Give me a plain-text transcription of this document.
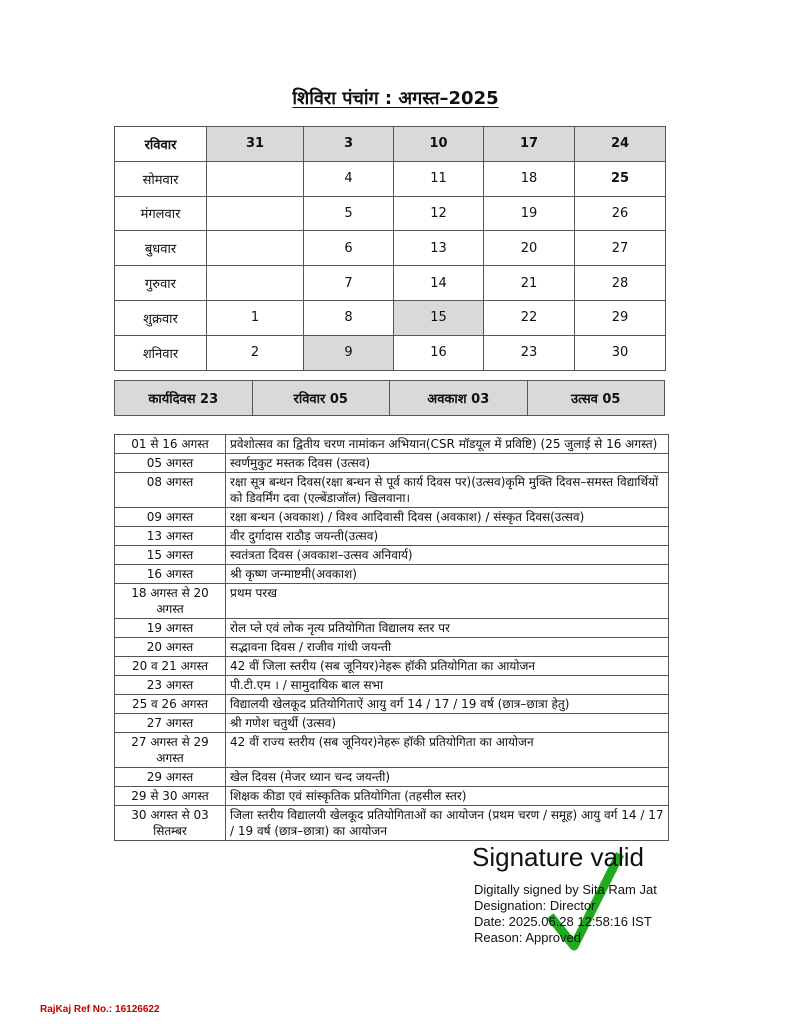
शिविरा पंचांग : अगस्त–2025
रविवार	31	3	10	17	24
सोमवार		4	11	18	25
मंगलवार		5	12	19	26
बुधवार		6	13	20	27
गुरुवार		7	14	21	28
शुक्रवार	1	8	15	22	29
शनिवार	2	9	16	23	30
कार्यदिवस 23	रविवार 05	अवकाश 03	उत्सव 05
01 से 16 अगस्त	प्रवेशोत्सव का द्वितीय चरण नामांकन अभियान(CSR मॉडयूल में प्रविष्टि) (25 जुलाई से 16 अगस्त)
05 अगस्त	स्वर्णमुकुट मस्तक दिवस (उत्सव)
08 अगस्त	रक्षा सूत्र बन्धन दिवस(रक्षा बन्धन से पूर्व कार्य दिवस पर)(उत्सव)कृमि मुक्ति दिवस–समस्त विद्यार्थियों को डिवर्मिंग दवा (एल्बेंडाजॉल) खिलवाना।
09 अगस्त	रक्षा बन्धन (अवकाश) / विश्व आदिवासी दिवस (अवकाश) / संस्कृत दिवस(उत्सव)
13 अगस्त	वीर दुर्गादास राठौड़ जयन्ती(उत्सव)
15 अगस्त	स्वतंत्रता दिवस (अवकाश–उत्सव अनिवार्य)
16 अगस्त	श्री कृष्ण जन्माष्टमी(अवकाश)
18 अगस्त से 20 अगस्त	प्रथम परख
19 अगस्त	रोल प्ले एवं लोक नृत्य प्रतियोगिता विद्यालय स्तर पर
20 अगस्त	सद्भावना दिवस / राजीव गांधी जयन्ती
20 व 21 अगस्त	42 वीं जिला स्तरीय (सब जूनियर)नेहरू हॉकी प्रतियोगिता का आयोजन
23 अगस्त	पी.टी.एम । / सामुदायिक बाल सभा
25 व 26 अगस्त	विद्यालयी खेलकूद प्रतियोगिताऐं आयु वर्ग 14 / 17 / 19 वर्ष (छात्र–छात्रा हेतु)
27 अगस्त	श्री गणेश चतुर्थी (उत्सव)
27 अगस्त से 29 अगस्त	42 वीं राज्य स्तरीय (सब जूनियर)नेहरू हॉकी प्रतियोगिता का आयोजन
29 अगस्त	खेल दिवस (मेजर ध्यान चन्द जयन्ती)
29 से 30 अगस्त	शिक्षक कीडा एवं सांस्कृतिक प्रतियोगिता (तहसील स्तर)
30 अगस्त से 03 सितम्बर	जिला स्तरीय विद्यालयी खेलकूद प्रतियोगिताओं का आयोजन (प्रथम चरण / समूह) आयु वर्ग 14 / 17 / 19 वर्ष (छात्र–छात्रा) का आयोजन
Signature valid
Digitally signed by Sita Ram Jat
Designation: Director
Date: 2025.06.28 12:58:16 IST
Reason: Approved
RajKaj Ref No.: 16126622
